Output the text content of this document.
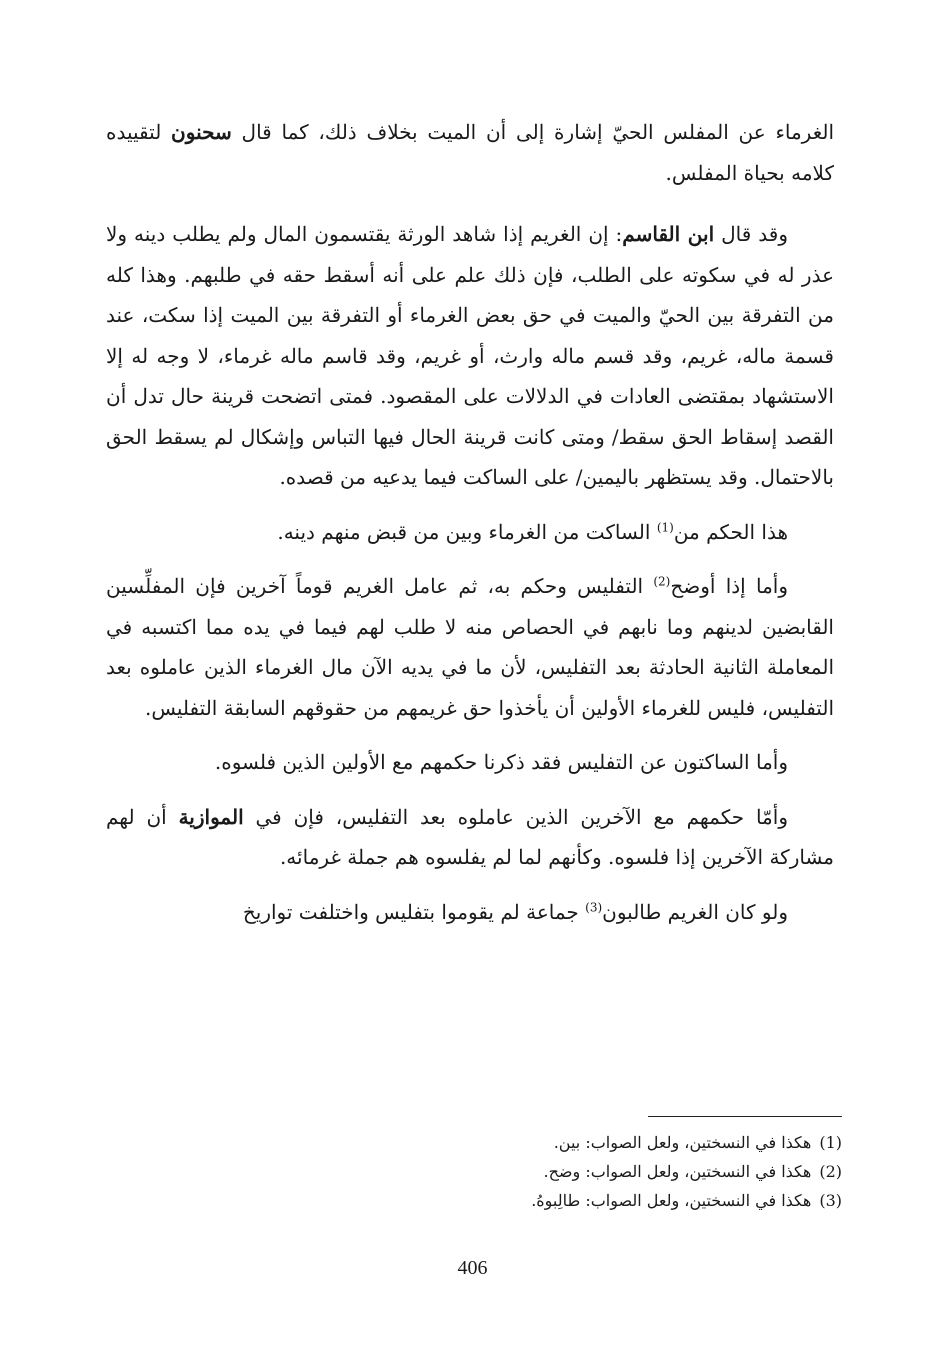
الغرماء عن المفلس الحيّ إشارة إلى أن الميت بخلاف ذلك، كما قال سحنون لتقييده كلامه بحياة المفلس.

وقد قال ابن القاسم: إن الغريم إذا شاهد الورثة يقتسمون المال ولم يطلب دينه ولا عذر له في سكوته على الطلب، فإن ذلك علم على أنه أسقط حقه في طلبهم. وهذا كله من التفرقة بين الحيّ والميت في حق بعض الغرماء أو التفرقة بين الميت إذا سكت، عند قسمة ماله، غريم، وقد قسم ماله وارث، أو غريم، وقد قاسم ماله غرماء، لا وجه له إلا الاستشهاد بمقتضى العادات في الدلالات على المقصود. فمتى اتضحت قرينة حال تدل أن القصد إسقاط الحق سقط/ ومتى كانت قرينة الحال فيها التباس وإشكال لم يسقط الحق بالاحتمال. وقد يستظهر باليمين/ على الساكت فيما يدعيه من قصده.

هذا الحكم من$^{(1)}$ الساكت من الغرماء وبين من قبض منهم دينه.

وأما إذا أوضح$^{(2)}$ التفليس وحكم به، ثم عامل الغريم قوماً آخرين فإن المفلِّسين القابضين لدينهم وما نابهم في الحصاص منه لا طلب لهم فيما في يده مما اكتسبه في المعاملة الثانية الحادثة بعد التفليس، لأن ما في يديه الآن مال الغرماء الذين عاملوه بعد التفليس، فليس للغرماء الأولين أن يأخذوا حق غريمهم من حقوقهم السابقة التفليس.

وأما الساكتون عن التفليس فقد ذكرنا حكمهم مع الأولين الذين فلسوه.

وأمّا حكمهم مع الآخرين الذين عاملوه بعد التفليس، فإن في الموازية أن لهم مشاركة الآخرين إذا فلسوه. وكأنهم لما لم يفلسوه هم جملة غرمائه.

ولو كان الغريم طالبون$^{(3)}$ جماعة لم يقوموا بتفليس واختلفت تواريخ

(1)هكذا في النسختين، ولعل الصواب: بين.

(2)هكذا في النسختين، ولعل الصواب: وضح.

(3)هكذا في النسختين، ولعل الصواب: طالِبوهُ.

406
